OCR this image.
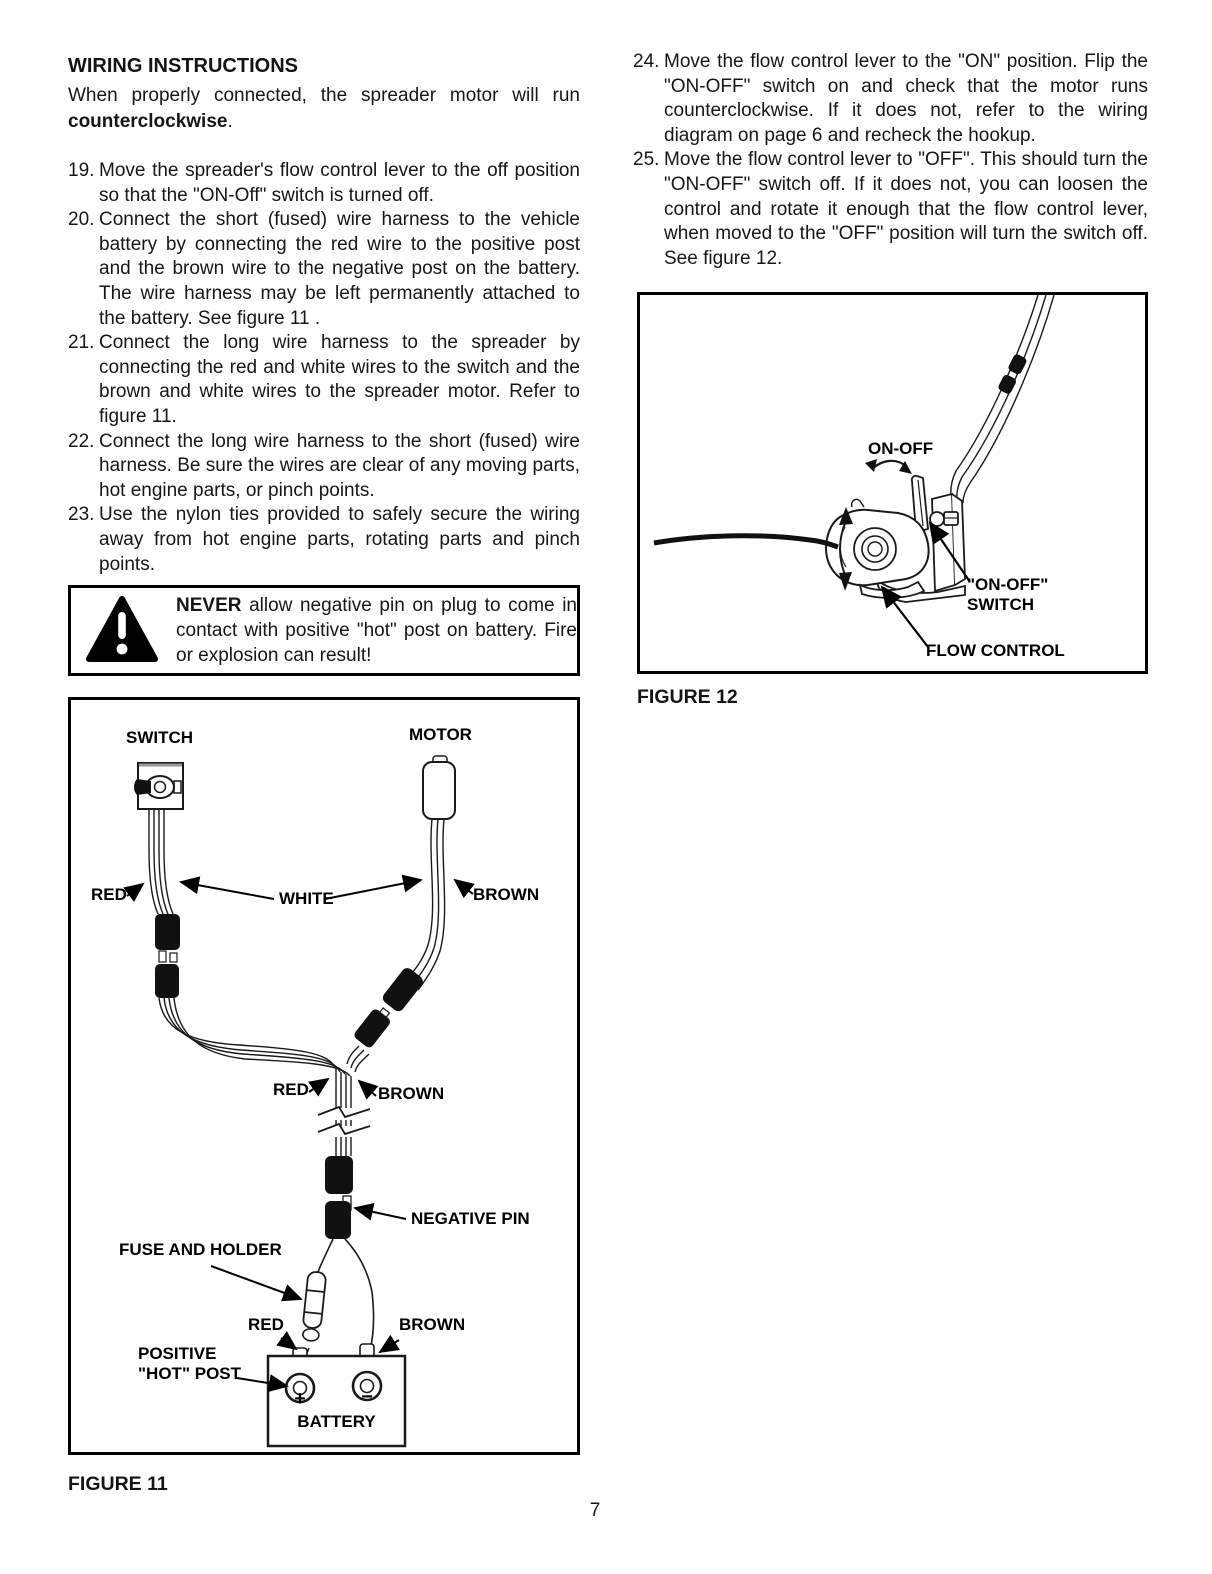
WIRING INSTRUCTIONS

When properly connected, the spreader motor will run counterclockwise.

19. Move the spreader's flow control lever to the off position so that the "ON-Off" switch is turned off.
20. Connect the short (fused) wire harness to the vehicle battery by connecting the red wire to the positive post and the brown wire to the negative post on the battery. The wire harness may be left permanently attached to the battery. See figure 11 .
21. Connect the long wire harness to the spreader by connecting the red and white wires to the switch and the brown and white wires to the spreader motor. Refer to figure 11.
22. Connect the long wire harness to the short (fused) wire harness. Be sure the wires are clear of any moving parts, hot engine parts, or pinch points.
23. Use the nylon ties provided to safely secure the wiring away from hot engine parts, rotating parts and pinch points.
24. Move the flow control lever to the "ON" position. Flip the "ON-OFF" switch on and check that the motor runs counterclockwise. If it does not, refer to the wiring diagram on page 6 and recheck the hookup.
25. Move the flow control lever to "OFF". This should turn the "ON-OFF" switch off. If it does not, you can loosen the control and rotate it enough that the flow control lever, when moved to the "OFF" position will turn the switch off. See figure 12.
NEVER allow negative pin on plug to come in contact with positive "hot" post on battery. Fire or explosion can result!
SWITCH	MOTOR
RED	WHITE	BROWN
RED	BROWN
NEGATIVE PIN
FUSE AND HOLDER
RED	BROWN
POSITIVE
"HOT" POST
+	−
BATTERY
FIGURE 11
ON-OFF
"ON-OFF"
SWITCH
FLOW CONTROL
FIGURE 12
7
